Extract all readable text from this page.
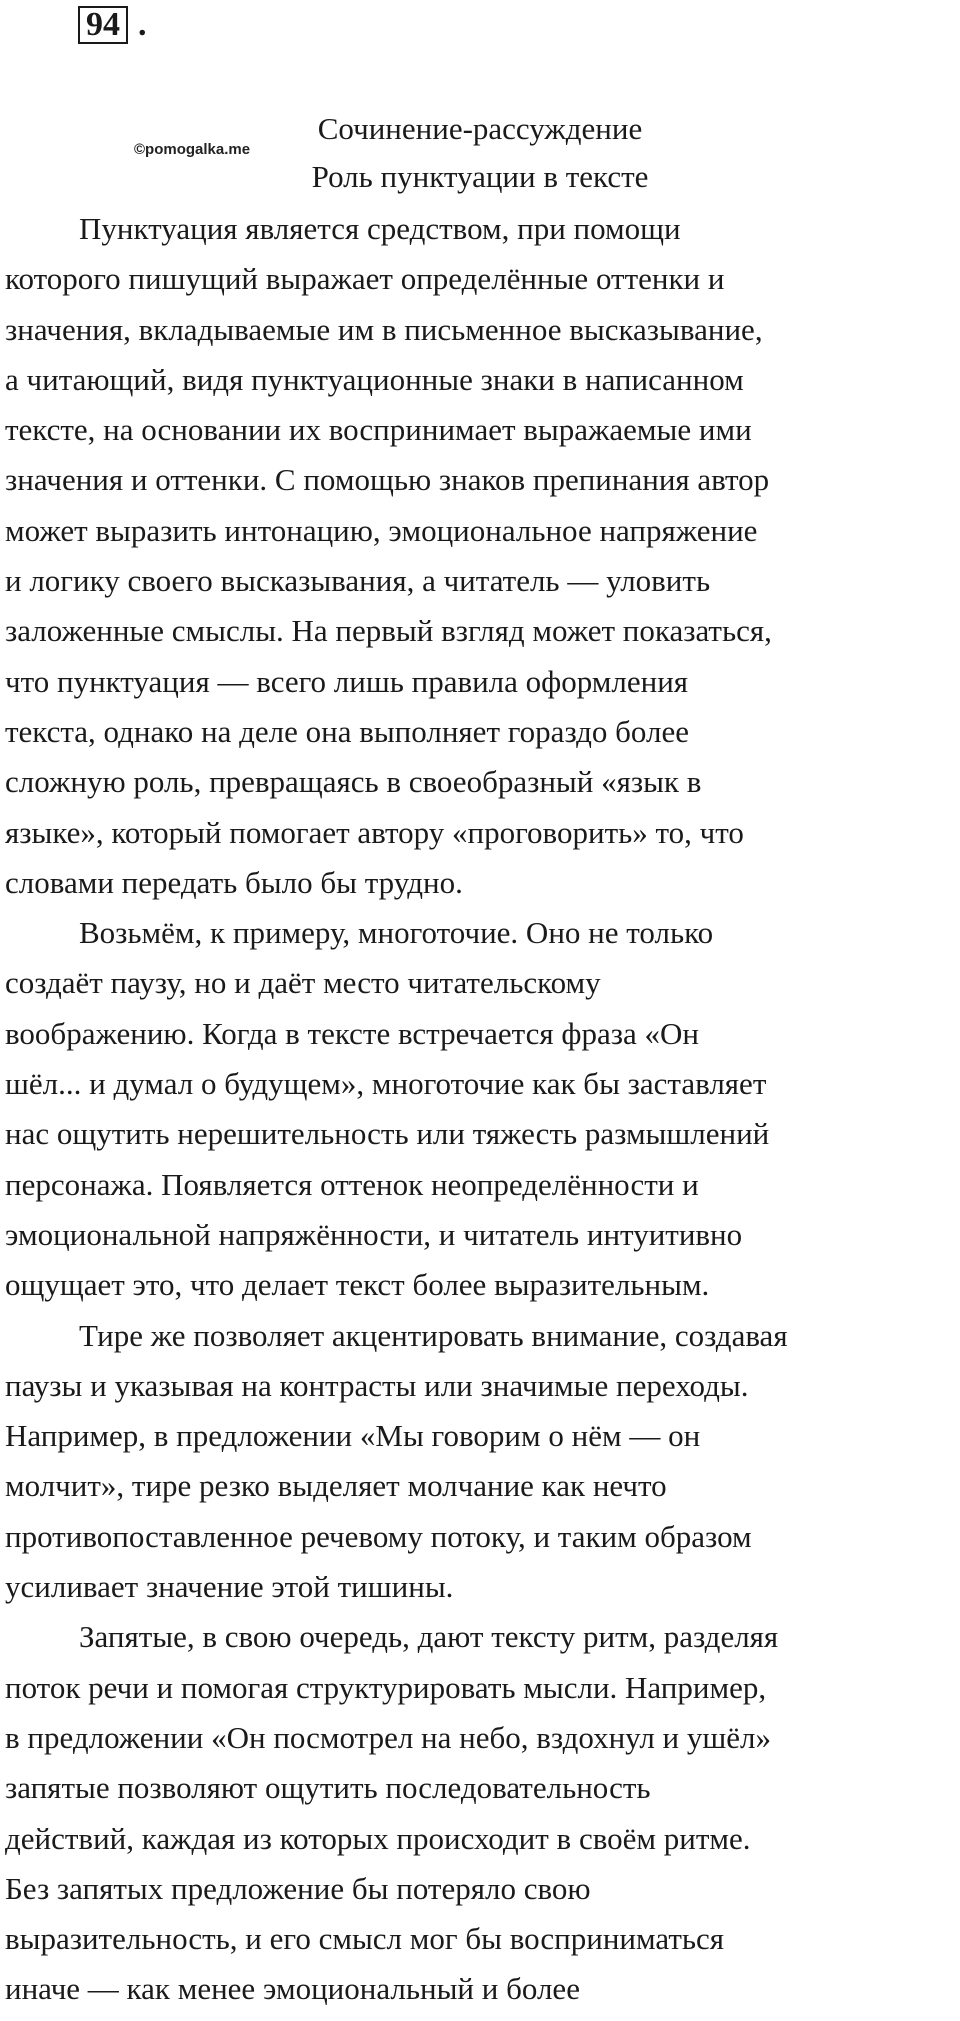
94 .
Сочинение-рассуждение
©pomogalka.me
Роль пунктуации в тексте
Пунктуация является средством, при помощи
которого пишущий выражает определённые оттенки и
значения, вкладываемые им в письменное высказывание,
а читающий, видя пунктуационные знаки в написанном
тексте, на основании их воспринимает выражаемые ими
значения и оттенки. С помощью знаков препинания автор
может выразить интонацию, эмоциональное напряжение
и логику своего высказывания, а читатель — уловить
заложенные смыслы. На первый взгляд может показаться,
что пунктуация — всего лишь правила оформления
текста, однако на деле она выполняет гораздо более
сложную роль, превращаясь в своеобразный «язык в
языке», который помогает автору «проговорить» то, что
словами передать было бы трудно.
Возьмём, к примеру, многоточие. Оно не только
создаёт паузу, но и даёт место читательскому
воображению. Когда в тексте встречается фраза «Он
шёл... и думал о будущем», многоточие как бы заставляет
нас ощутить нерешительность или тяжесть размышлений
персонажа. Появляется оттенок неопределённости и
эмоциональной напряжённости, и читатель интуитивно
ощущает это, что делает текст более выразительным.
Тире же позволяет акцентировать внимание, создавая
паузы и указывая на контрасты или значимые переходы.
Например, в предложении «Мы говорим о нём — он
молчит», тире резко выделяет молчание как нечто
противопоставленное речевому потоку, и таким образом
усиливает значение этой тишины.
Запятые, в свою очередь, дают тексту ритм, разделяя
поток речи и помогая структурировать мысли. Например,
в предложении «Он посмотрел на небо, вздохнул и ушёл»
запятые позволяют ощутить последовательность
действий, каждая из которых происходит в своём ритме.
Без запятых предложение бы потеряло свою
выразительность, и его смысл мог бы восприниматься
иначе — как менее эмоциональный и более
